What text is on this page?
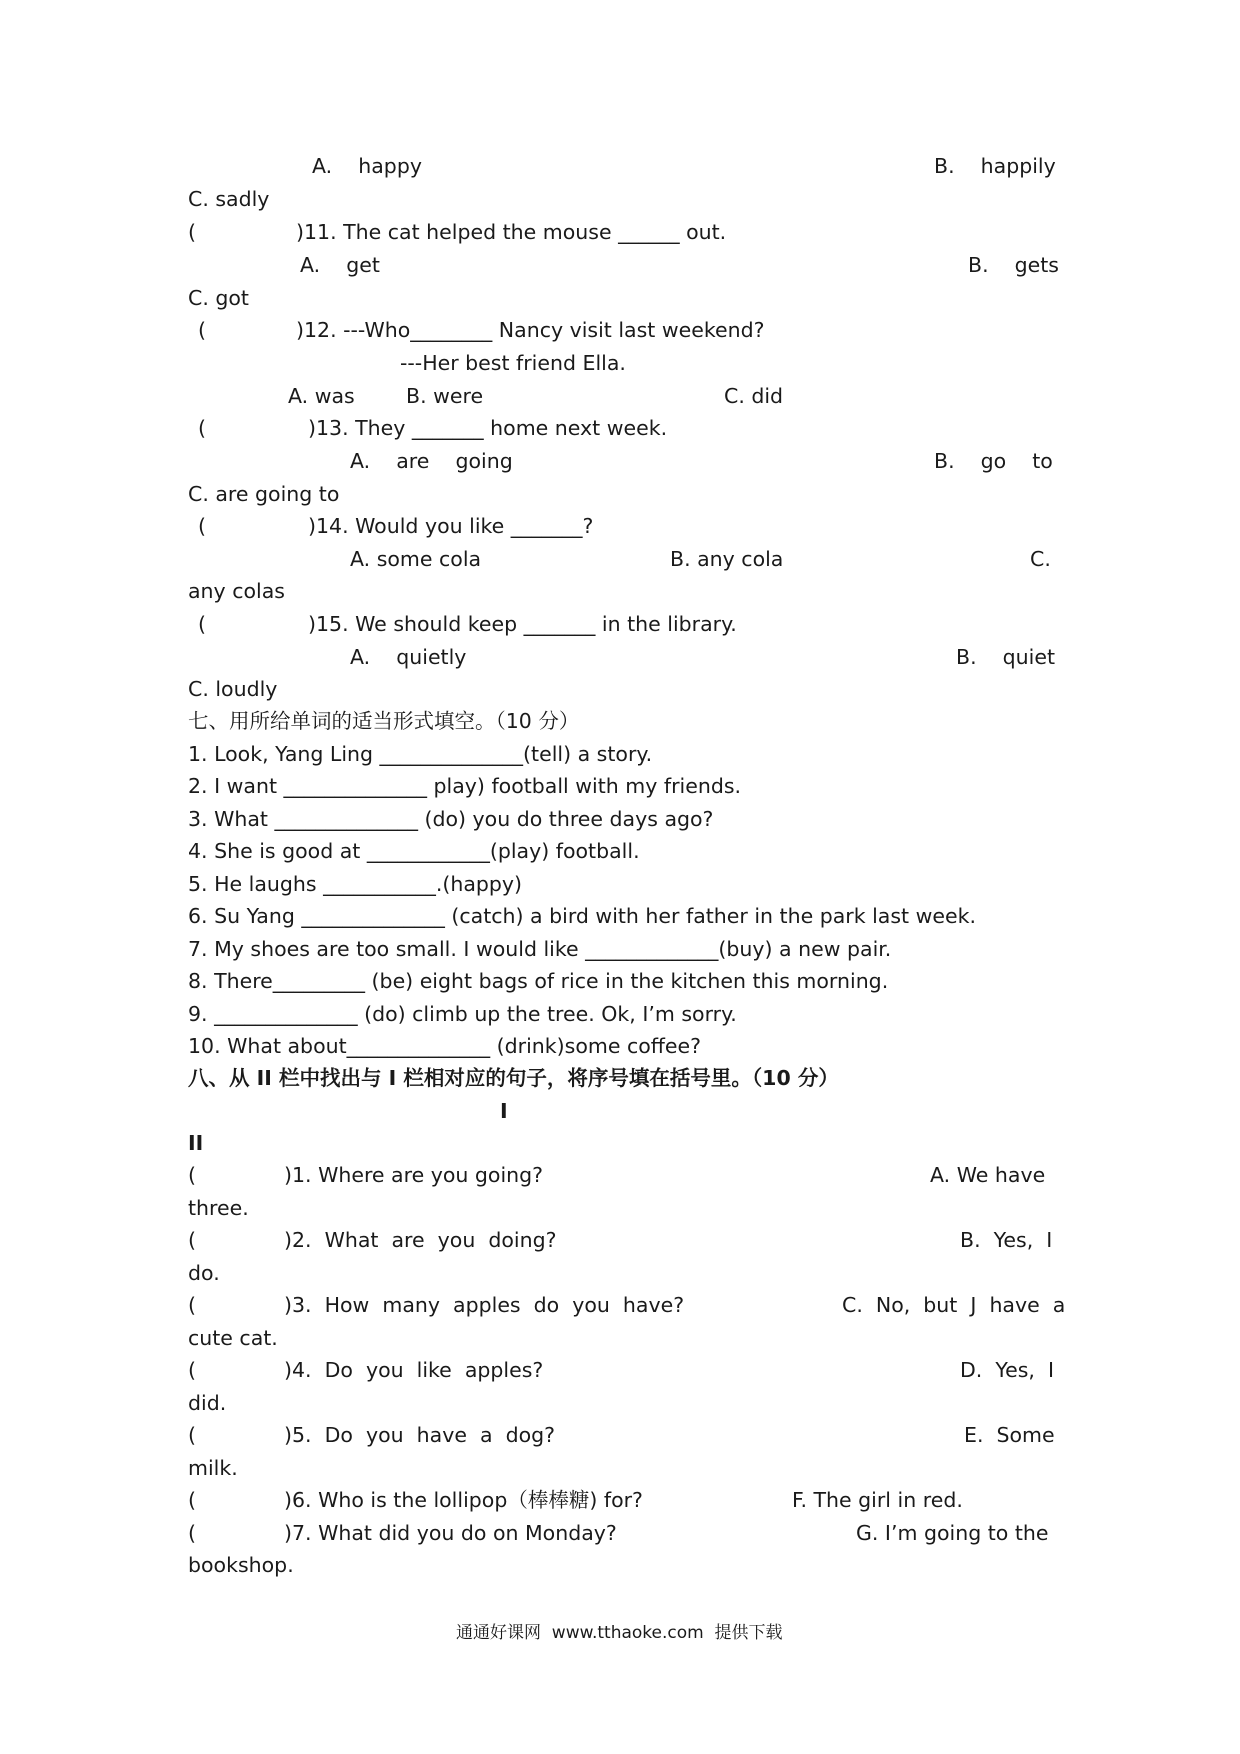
A.    happy	B.    happily
C. sadly
(	)11. The cat helped the mouse ______ out.
A.    get	B.    gets
C. got
(	)12. ---Who________ Nancy visit last weekend?
---Her best friend Ella.
A. was	B. were	C. did
(	)13. They _______ home next week.
A.    are    going	B.    go    to
C. are going to
(	)14. Would you like _______?
A. some cola	B. any cola	C.
any colas
(	)15. We should keep _______ in the library.
A.    quietly	B.    quiet
C. loudly
七、用所给单词的适当形式填空。（10 分）
1. Look, Yang Ling ______________(tell) a story.
2. I want ______________ play) football with my friends.
3. What ______________ (do) you do three days ago?
4. She is good at ____________(play) football.
5. He laughs ___________.(happy)
6. Su Yang ______________ (catch) a bird with her father in the park last week.
7. My shoes are too small. I would like _____________(buy) a new pair.
8. There_________ (be) eight bags of rice in the kitchen this morning.
9. ______________ (do) climb up the tree. Ok, I’m sorry.
10. What about______________ (drink)some coffee?
八、从 II 栏中找出与 I 栏相对应的句子，将序号填在括号里。（10 分）
I
II
(	)1. Where are you going?	A. We have
three.
(	)2.  What  are  you  doing?	B.  Yes,  I
do.
(	)3.  How  many  apples  do  you  have?	C.  No,  but  J  have  a
cute cat.
(	)4.  Do  you  like  apples?	D.  Yes,  I
did.
(	)5.  Do  you  have  a  dog?	E.  Some
milk.
(	)6. Who is the lollipop（棒棒糖) for?	F. The girl in red.
(	)7. What did you do on Monday?	G. I’m going to the
bookshop.
通通好课网  www.tthaoke.com  提供下载
